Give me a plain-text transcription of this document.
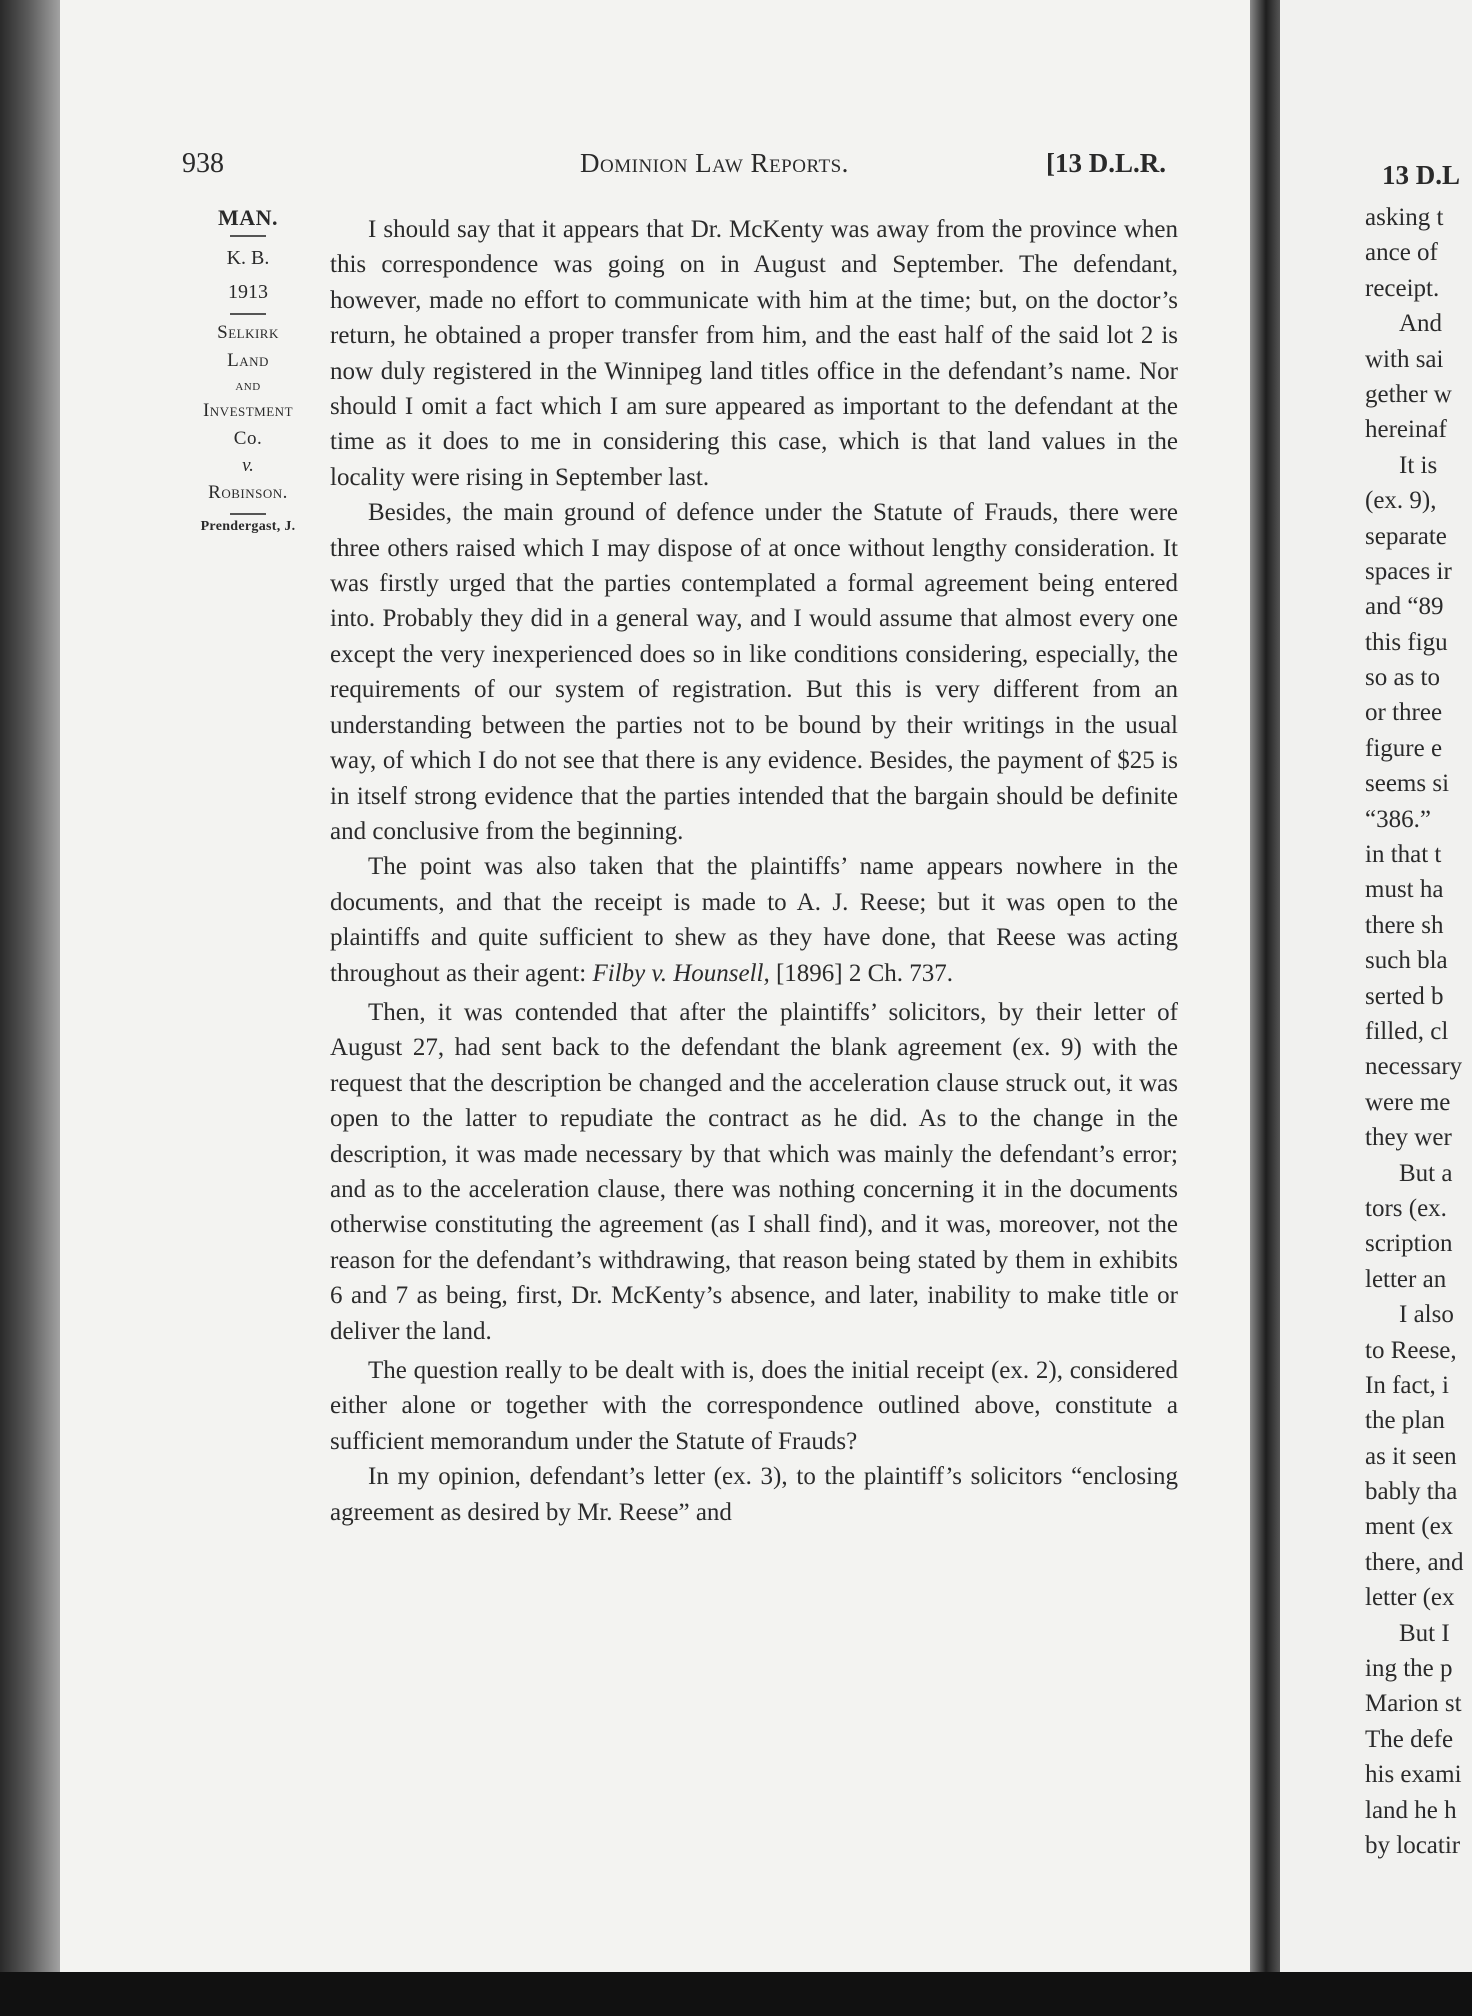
938	Dominion Law Reports.	[13 D.L.R.
MAN.
K. B.
1913
Selkirk
Land
and
Investment
Co.
v.
Robinson.
Prendergast, J.

I should say that it appears that Dr. McKenty was away from the province when this correspondence was going on in August and September. The defendant, however, made no effort to communicate with him at the time; but, on the doctor’s return, he obtained a proper transfer from him, and the east half of the said lot 2 is now duly registered in the Winnipeg land titles office in the defendant’s name. Nor should I omit a fact which I am sure appeared as important to the defendant at the time as it does to me in considering this case, which is that land values in the locality were rising in September last.

Besides, the main ground of defence under the Statute of Frauds, there were three others raised which I may dispose of at once without lengthy consideration. It was firstly urged that the parties contemplated a formal agreement being entered into. Probably they did in a general way, and I would assume that almost every one except the very inexperienced does so in like conditions considering, especially, the requirements of our system of registration. But this is very different from an understanding between the parties not to be bound by their writings in the usual way, of which I do not see that there is any evidence. Besides, the payment of $25 is in itself strong evidence that the parties intended that the bargain should be definite and conclusive from the beginning.

The point was also taken that the plaintiffs’ name appears nowhere in the documents, and that the receipt is made to A. J. Reese; but it was open to the plaintiffs and quite sufficient to shew as they have done, that Reese was acting throughout as their agent: Filby v. Hounsell, [1896] 2 Ch. 737.

Then, it was contended that after the plaintiffs’ solicitors, by their letter of August 27, had sent back to the defendant the blank agreement (ex. 9) with the request that the description be changed and the acceleration clause struck out, it was open to the latter to repudiate the contract as he did. As to the change in the description, it was made necessary by that which was mainly the defendant’s error; and as to the acceleration clause, there was nothing concerning it in the documents otherwise constituting the agreement (as I shall find), and it was, moreover, not the reason for the defendant’s withdrawing, that reason being stated by them in exhibits 6 and 7 as being, first, Dr. McKenty’s absence, and later, inability to make title or deliver the land.

The question really to be dealt with is, does the initial receipt (ex. 2), considered either alone or together with the correspondence outlined above, constitute a sufficient memorandum under the Statute of Frauds?

In my opinion, defendant’s letter (ex. 3), to the plaintiff’s solicitors “enclosing agreement as desired by Mr. Reese” and

13 D.L
asking t
ance of
receipt.
And
with sai
gether w
hereinaf
It is
(ex. 9),
separate
spaces ir
and “89
this figu
so as to
or three
figure e
seems si
“386.”
in that t
must ha
there sh
such bla
serted b
filled, cl
necessary
were me
they wer
But a
tors (ex.
scription
letter an
I also
to Reese,
In fact, i
the plan
as it seen
bably tha
ment (ex
there, and
letter (ex
But I
ing the p
Marion st
The defe
his exami
land he h
by locatir
